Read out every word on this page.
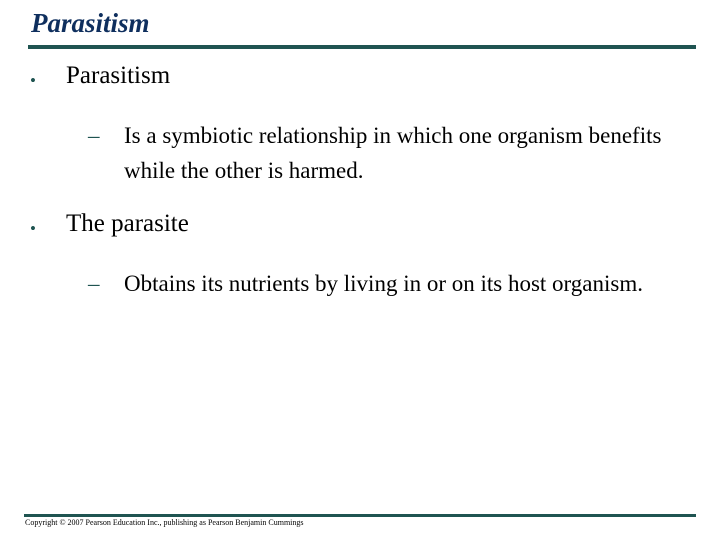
Parasitism
• Parasitism
– Is a symbiotic relationship in which one organism benefits while the other is harmed.
• The parasite
– Obtains its nutrients by living in or on its host organism.
Copyright © 2007 Pearson Education Inc., publishing as Pearson Benjamin Cummings
